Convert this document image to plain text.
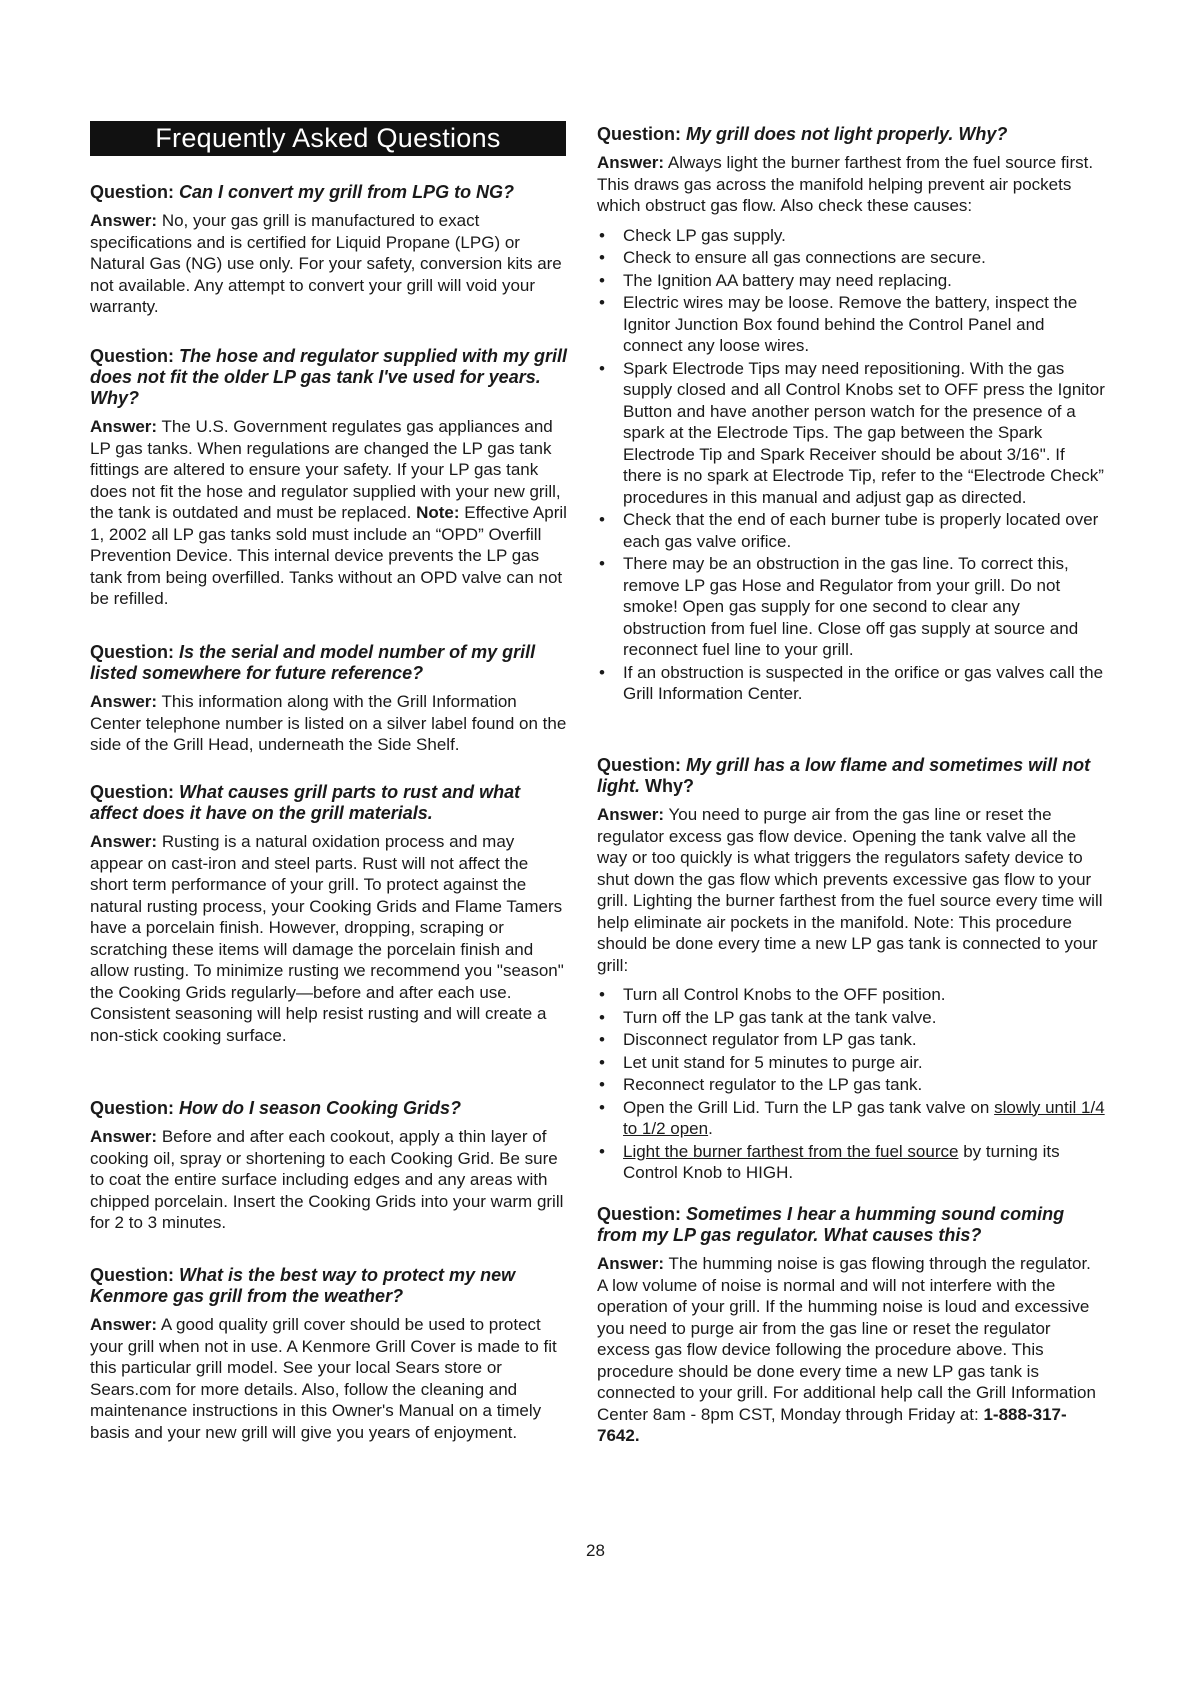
Frequently Asked Questions

Question: Can I convert my grill from LPG to NG?

Answer: No, your gas grill is manufactured to exact specifications and is certified for Liquid Propane (LPG) or Natural Gas (NG) use only. For your safety, conversion kits are not available. Any attempt to convert your grill will void your warranty.

Question: The hose and regulator supplied with my grill does not fit the older LP gas tank I've used for years. Why?

Answer: The U.S. Government regulates gas appliances and LP gas tanks. When regulations are changed the LP gas tank fittings are altered to ensure your safety. If your LP gas tank does not fit the hose and regulator supplied with your new grill, the tank is outdated and must be replaced. Note: Effective April 1, 2002 all LP gas tanks sold must include an “OPD” Overfill Prevention Device. This internal device prevents the LP gas tank from being overfilled. Tanks without an OPD valve can not be refilled.

Question: Is the serial and model number of my grill listed somewhere for future reference?

Answer: This information along with the Grill Information Center telephone number is listed on a silver label found on the side of the Grill Head, underneath the Side Shelf.

Question: What causes grill parts to rust and what affect does it have on the grill materials.

Answer: Rusting is a natural oxidation process and may appear on cast-iron and steel parts. Rust will not affect the short term performance of your grill. To protect against the natural rusting process, your Cooking Grids and Flame Tamers have a porcelain finish. However, dropping, scraping or scratching these items will damage the porcelain finish and allow rusting. To minimize rusting we recommend you "season" the Cooking Grids regularly—before and after each use. Consistent seasoning will help resist rusting and will create a non-stick cooking surface.

Question: How do I season Cooking Grids?

Answer: Before and after each cookout, apply a thin layer of cooking oil, spray or shortening to each Cooking Grid. Be sure to coat the entire surface including edges and any areas with chipped porcelain. Insert the Cooking Grids into your warm grill for 2 to 3 minutes.

Question: What is the best way to protect my new Kenmore gas grill from the weather?

Answer: A good quality grill cover should be used to protect your grill when not in use. A Kenmore Grill Cover is made to fit this particular grill model. See your local Sears store or Sears.com for more details. Also, follow the cleaning and maintenance instructions in this Owner's Manual on a timely basis and your new grill will give you years of enjoyment.

Question: My grill does not light properly. Why?

Answer: Always light the burner farthest from the fuel source first. This draws gas across the manifold helping prevent air pockets which obstruct gas flow. Also check these causes:

• Check LP gas supply.
• Check to ensure all gas connections are secure.
• The Ignition AA battery may need replacing.
• Electric wires may be loose. Remove the battery, inspect the Ignitor Junction Box found behind the Control Panel and connect any loose wires.
• Spark Electrode Tips may need repositioning. With the gas supply closed and all Control Knobs set to OFF press the Ignitor Button and have another person watch for the presence of a spark at the Electrode Tips. The gap between the Spark Electrode Tip and Spark Receiver should be about 3/16". If there is no spark at Electrode Tip, refer to the “Electrode Check” procedures in this manual and adjust gap as directed.
• Check that the end of each burner tube is properly located over each gas valve orifice.
• There may be an obstruction in the gas line. To correct this, remove LP gas Hose and Regulator from your grill. Do not smoke! Open gas supply for one second to clear any obstruction from fuel line. Close off gas supply at source and reconnect fuel line to your grill.
• If an obstruction is suspected in the orifice or gas valves call the Grill Information Center.

Question: My grill has a low flame and sometimes will not light. Why?

Answer: You need to purge air from the gas line or reset the regulator excess gas flow device. Opening the tank valve all the way or too quickly is what triggers the regulators safety device to shut down the gas flow which prevents excessive gas flow to your grill. Lighting the burner farthest from the fuel source every time will help eliminate air pockets in the manifold. Note: This procedure should be done every time a new LP gas tank is connected to your grill:

• Turn all Control Knobs to the OFF position.
• Turn off the LP gas tank at the tank valve.
• Disconnect regulator from LP gas tank.
• Let unit stand for 5 minutes to purge air.
• Reconnect regulator to the LP gas tank.
• Open the Grill Lid. Turn the LP gas tank valve on slowly until 1/4 to 1/2 open.
• Light the burner farthest from the fuel source by turning its Control Knob to HIGH.

Question: Sometimes I hear a humming sound coming from my LP gas regulator. What causes this?

Answer: The humming noise is gas flowing through the regulator. A low volume of noise is normal and will not interfere with the operation of your grill. If the humming noise is loud and excessive you need to purge air from the gas line or reset the regulator excess gas flow device following the procedure above. This procedure should be done every time a new LP gas tank is connected to your grill. For additional help call the Grill Information Center 8am - 8pm CST, Monday through Friday at: 1-888-317-7642.

28
